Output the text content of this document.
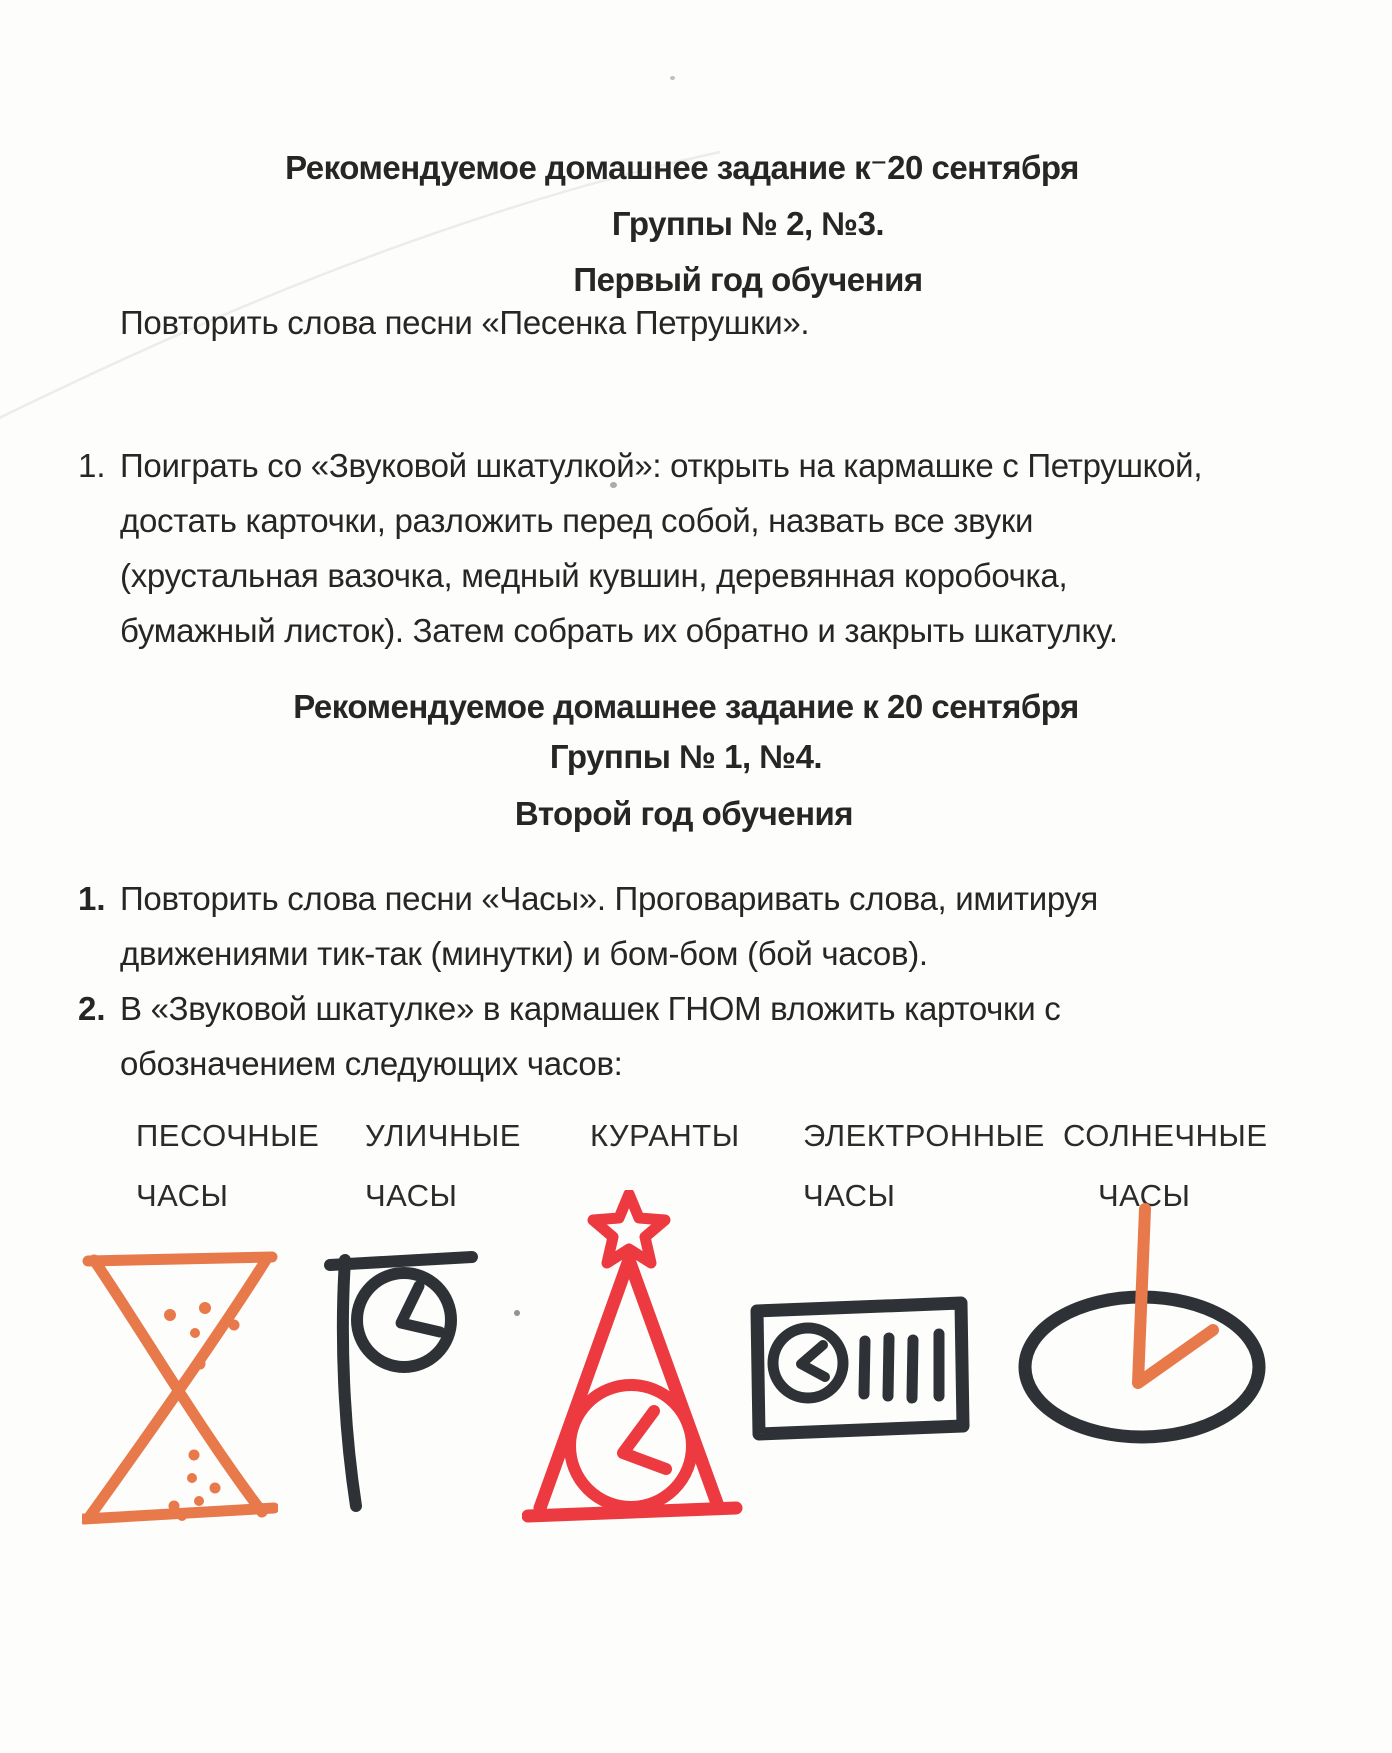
Рекомендуемое домашнее задание к⁻20 сентября
Группы № 2, №3.
Первый год обучения
Повторить слова песни «Песенка Петрушки».
1. Поиграть со «Звуковой шкатулкой»: открыть на кармашке с Петрушкой,
достать карточки, разложить перед собой, назвать все звуки
(хрустальная вазочка, медный кувшин, деревянная коробочка,
бумажный листок). Затем собрать их обратно и закрыть шкатулку.
Рекомендуемое домашнее задание к 20 сентября
Группы № 1, №4.
Второй год обучения
1. Повторить слова песни «Часы». Проговаривать слова, имитируя
движениями тик-так (минутки) и бом-бом (бой часов).
2. В «Звуковой шкатулке» в кармашек ГНОМ вложить карточки с
обозначением следующих часов:
ПЕСОЧНЫЕ
ЧАСЫ
УЛИЧНЫЕ
ЧАСЫ
КУРАНТЫ ЭЛЕКТРОННЫЕ
ЧАСЫ
СОЛНЕЧНЫЕ
ЧАСЫ
